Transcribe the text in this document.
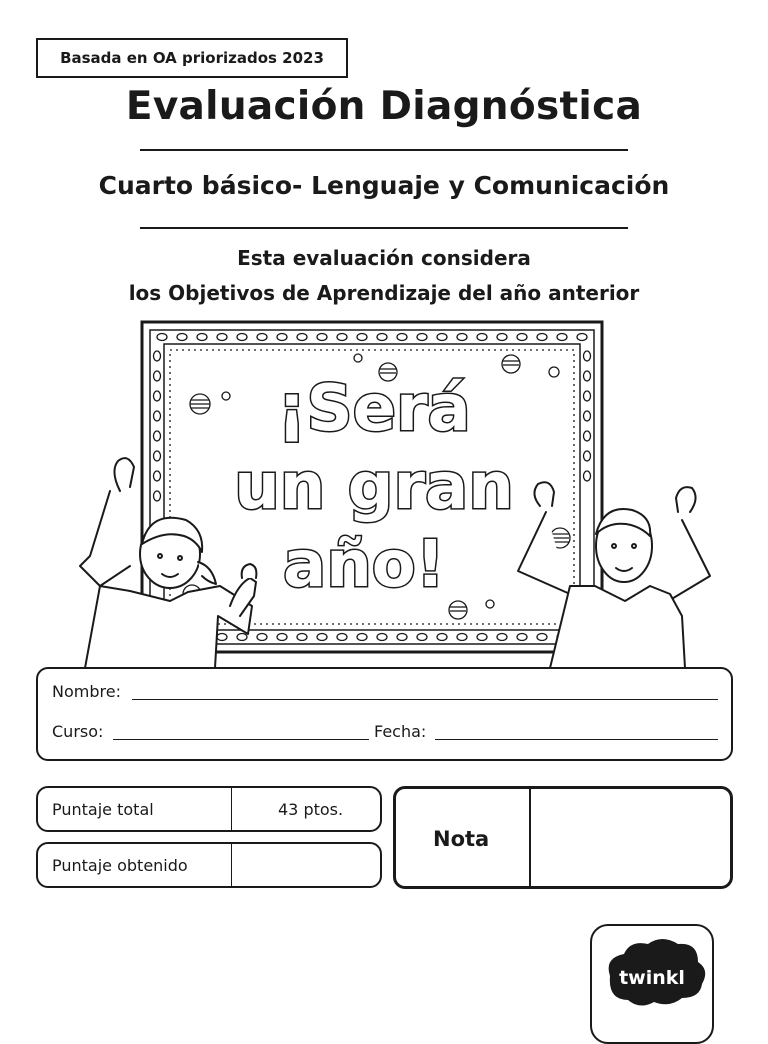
Basada en OA priorizados 2023
Evaluación Diagnóstica
Cuarto básico- Lenguaje y Comunicación
Esta evaluación considera
los Objetivos de Aprendizaje del año anterior
¡Será
un gran
año!
Nombre:
Curso:	Fecha:
Puntaje total	43 ptos.
Puntaje obtenido
Nota
twinkl
